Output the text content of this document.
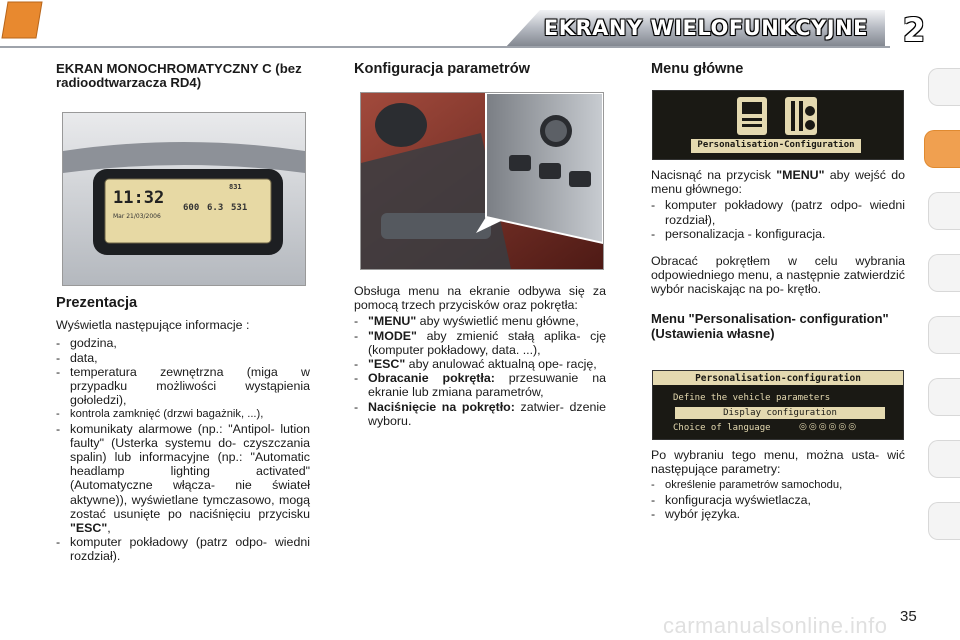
EKRANY WIELOFUNKCYJNE 2
EKRAN MONOCHROMATYCZNY C (bez radioodtwarzacza RD4)
11:32
Mar 21/03/2006
831
600 6.3 531
Prezentacja

Wyświetla następujące informacje :

- godzina,
- data,
- temperatura zewnętrzna (miga w przypadku możliwości wystąpienia gołoledzi),
- kontrola zamknięć (drzwi bagażnik, ...),
- komunikaty alarmowe (np.: "Antipol- lution faulty" (Usterka systemu do- czyszczania spalin) lub informacyjne (np.: "Automatic headlamp lighting activated" (Automatyczne włącza- nie świateł aktywne)), wyświetlane tymczasowo, mogą zostać usunięte po naciśnięciu przycisku "ESC",
- komputer pokładowy (patrz odpo- wiedni rozdział).
Konfiguracja parametrów

Obsługa menu na ekranie odbywa się za pomocą trzech przycisków oraz pokrętła:

- "MENU" aby wyświetlić menu główne,
- "MODE" aby zmienić stałą aplika- cję (komputer pokładowy, data. ...),
- "ESC" aby anulować aktualną ope- rację,
- Obracanie pokrętła: przesuwanie na ekranie lub zmiana parametrów,
- Naciśnięcie na pokrętło: zatwier- dzenie wyboru.
Menu główne
Personalisation-Configuration

Nacisnąć na przycisk "MENU" aby wejść do menu głównego:

- komputer pokładowy (patrz odpo- wiedni rozdział),
- personalizacja - konfiguracja.

Obracać pokrętłem w celu wybrania odpowiedniego menu, a następnie zatwierdzić wybór naciskając na po- krętło.

Menu "Personalisation- configuration" (Ustawienia własne)
Personalisation-configuration
Define the vehicle parameters
Display configuration
Choice of language	◎◎◎◎◎◎

Po wybraniu tego menu, można usta- wić następujące parametry:

- określenie parametrów samochodu,
- konfiguracja wyświetlacza,
- wybór języka.
carmanualsonline.info 35
